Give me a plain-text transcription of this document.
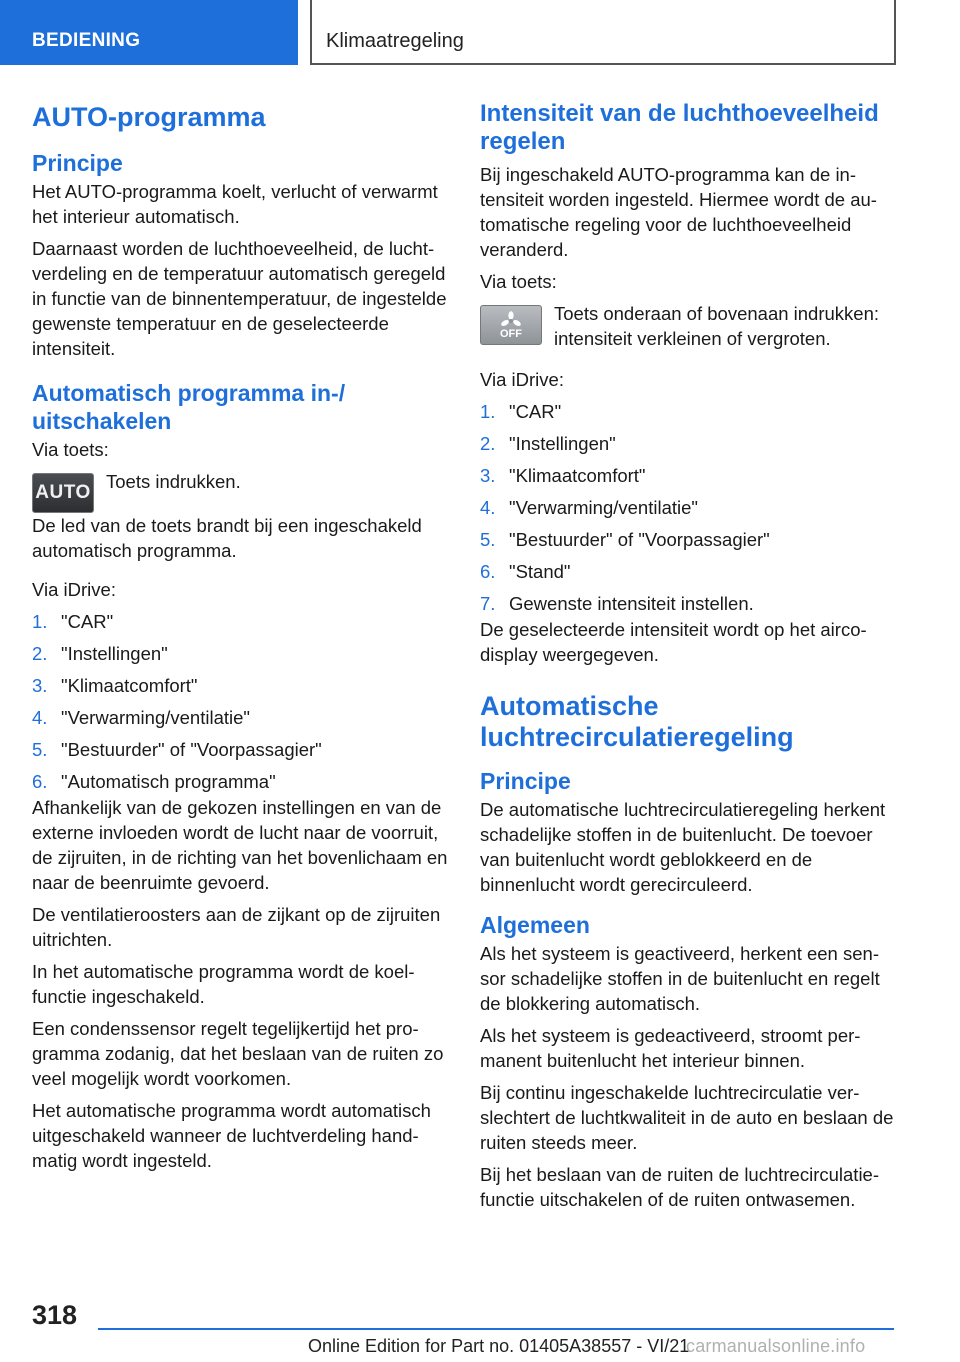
BEDIENING	Klimaatregeling
AUTO-programma
Principe

Het AUTO-programma koelt, verlucht of verwarmt het interieur automatisch.

Daarnaast worden de luchthoeveelheid, de luchtverdeling en de temperatuur automatisch geregeld in functie van de binnentemperatuur, de ingestelde gewenste temperatuur en de geselecteerde intensiteit.

Automatisch programma in-/ uitschakelen

Via toets:

AUTO

Toets indrukken.

De led van de toets brandt bij een ingeschakeld automatisch programma.

Via iDrive:

1. "CAR"
2. "Instellingen"
3. "Klimaatcomfort"
4. "Verwarming/ventilatie"
5. "Bestuurder" of "Voorpassagier"
6. "Automatisch programma"

Afhankelijk van de gekozen instellingen en van de externe invloeden wordt de lucht naar de voorruit, de zijruiten, in de richting van het bovenlichaam en naar de beenruimte gevoerd.

De ventilatieroosters aan de zijkant op de zijruiten uitrichten.

In het automatische programma wordt de koelfunctie ingeschakeld.

Een condenssensor regelt tegelijkertijd het programma zodanig, dat het beslaan van de ruiten zo veel mogelijk wordt voorkomen.

Het automatische programma wordt automatisch uitgeschakeld wanneer de luchtverdeling handmatig wordt ingesteld.

Intensiteit van de luchthoeveelheid regelen

Bij ingeschakeld AUTO-programma kan de intensiteit worden ingesteld. Hiermee wordt de automatische regeling voor de luchthoeveelheid veranderd.

Via toets:

OFF

Toets onderaan of bovenaan indrukken: intensiteit verkleinen of vergroten.

Via iDrive:

1. "CAR"
2. "Instellingen"
3. "Klimaatcomfort"
4. "Verwarming/ventilatie"
5. "Bestuurder" of "Voorpassagier"
6. "Stand"
7. Gewenste intensiteit instellen.

De geselecteerde intensiteit wordt op het aircodisplay weergegeven.

Automatische luchtrecirculatieregeling
Principe

De automatische luchtrecirculatieregeling herkent schadelijke stoffen in de buitenlucht. De toevoer van buitenlucht wordt geblokkeerd en de binnenlucht wordt gerecirculeerd.

Algemeen

Als het systeem is geactiveerd, herkent een sensor schadelijke stoffen in de buitenlucht en regelt de blokkering automatisch.

Als het systeem is gedeactiveerd, stroomt permanent buitenlucht het interieur binnen.

Bij continu ingeschakelde luchtrecirculatie verslechtert de luchtkwaliteit in de auto en beslaan de ruiten steeds meer.

Bij het beslaan van de ruiten de luchtrecirculatiefunctie uitschakelen of de ruiten ontwasemen.

318
Online Edition for Part no. 01405A38557 - VI/21
carmanualsonline.info
